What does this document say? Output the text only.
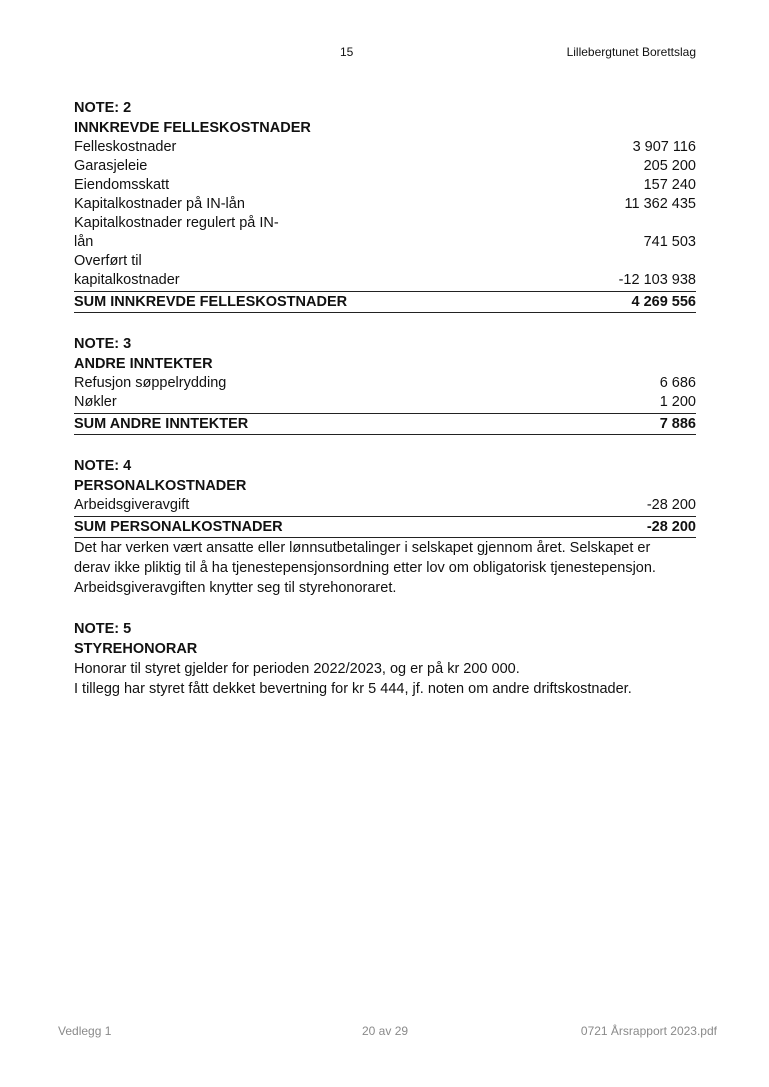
15	Lillebergtunet Borettslag
NOTE: 2
INNKREVDE FELLESKOSTNADER
Felleskostnader	3 907 116
Garasjeleie	205 200
Eiendomsskatt	157 240
Kapitalkostnader på IN-lån	11 362 435
Kapitalkostnader regulert på IN-lån	741 503
Overført til kapitalkostnader	-12 103 938
SUM INNKREVDE FELLESKOSTNADER	4 269 556
NOTE: 3
ANDRE INNTEKTER
Refusjon søppelrydding	6 686
Nøkler	1 200
SUM ANDRE INNTEKTER	7 886
NOTE: 4
PERSONALKOSTNADER
Arbeidsgiveravgift	-28 200
SUM PERSONALKOSTNADER	-28 200
Det har verken vært ansatte eller lønnsutbetalinger i selskapet gjennom året. Selskapet er
derav ikke pliktig til å ha tjenestepensjonsordning etter lov om obligatorisk tjenestepensjon.
Arbeidsgiveravgiften knytter seg til styrehonoraret.
NOTE: 5
STYREHONORAR
Honorar til styret gjelder for perioden 2022/2023, og er på kr 200 000.
I tillegg har styret fått dekket bevertning for kr 5 444, jf. noten om andre driftskostnader.
Vedlegg 1	20 av 29	0721 Årsrapport 2023.pdf
